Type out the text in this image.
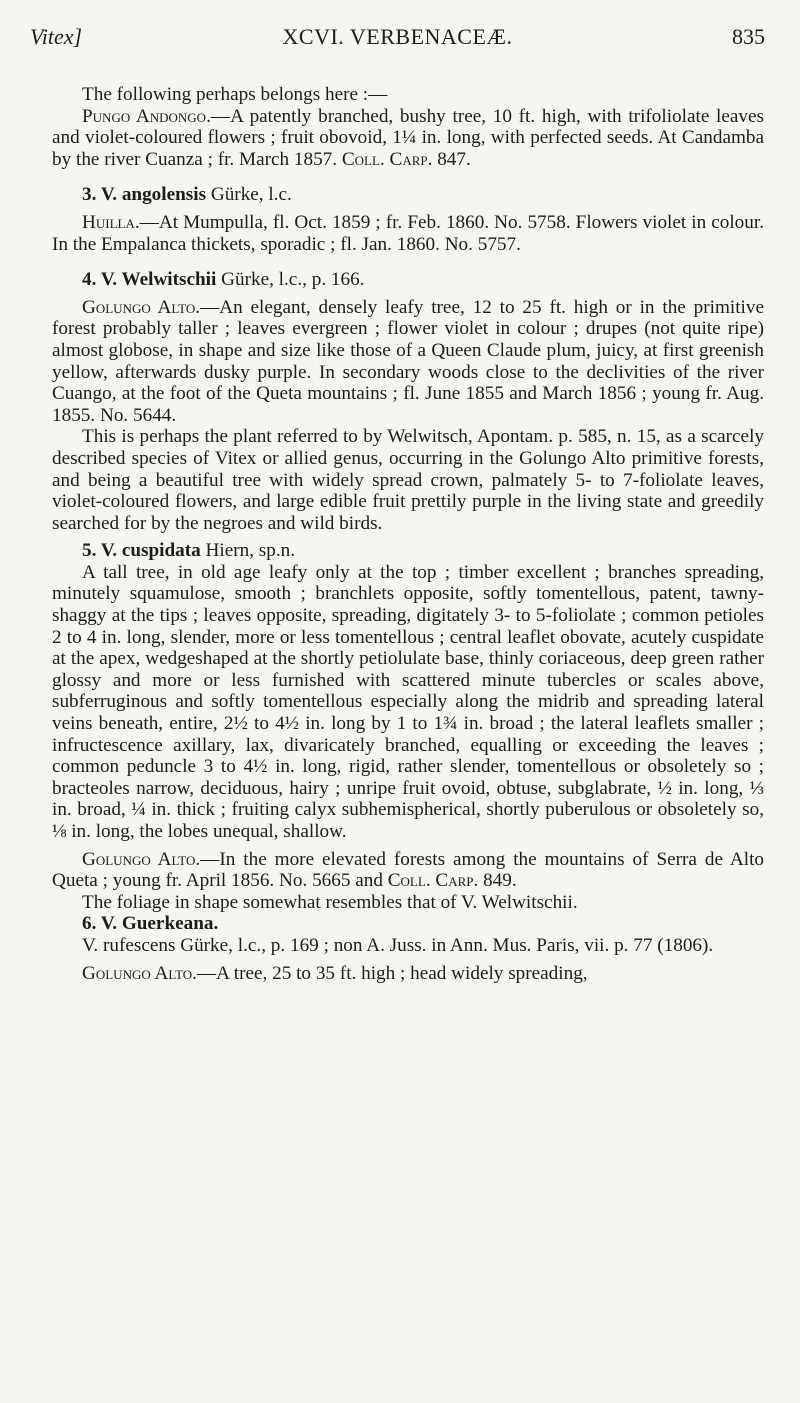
Vitex]	XCVI. VERBENACEÆ.	835

The following perhaps belongs here :—

Pungo Andongo.—A patently branched, bushy tree, 10 ft. high, with trifoliolate leaves and violet-coloured flowers ; fruit obovoid, 1¼ in. long, with perfected seeds. At Candamba by the river Cuanza ; fr. March 1857. Coll. Carp. 847.

3. V. angolensis Gürke, l.c.

Huilla.—At Mumpulla, fl. Oct. 1859 ; fr. Feb. 1860. No. 5758. Flowers violet in colour. In the Empalanca thickets, sporadic ; fl. Jan. 1860. No. 5757.

4. V. Welwitschii Gürke, l.c., p. 166.

Golungo Alto.—An elegant, densely leafy tree, 12 to 25 ft. high or in the primitive forest probably taller ; leaves evergreen ; flower violet in colour ; drupes (not quite ripe) almost globose, in shape and size like those of a Queen Claude plum, juicy, at first greenish yellow, afterwards dusky purple. In secondary woods close to the declivities of the river Cuango, at the foot of the Queta mountains ; fl. June 1855 and March 1856 ; young fr. Aug. 1855. No. 5644.

This is perhaps the plant referred to by Welwitsch, Apontam. p. 585, n. 15, as a scarcely described species of Vitex or allied genus, occurring in the Golungo Alto primitive forests, and being a beautiful tree with widely spread crown, palmately 5- to 7-foliolate leaves, violet-coloured flowers, and large edible fruit prettily purple in the living state and greedily searched for by the negroes and wild birds.

5. V. cuspidata Hiern, sp.n.

A tall tree, in old age leafy only at the top ; timber excellent ; branches spreading, minutely squamulose, smooth ; branchlets opposite, softly tomentellous, patent, tawny-shaggy at the tips ; leaves opposite, spreading, digitately 3- to 5-foliolate ; common petioles 2 to 4 in. long, slender, more or less tomentellous ; central leaflet obovate, acutely cuspidate at the apex, wedgeshaped at the shortly petiolulate base, thinly coriaceous, deep green rather glossy and more or less furnished with scattered minute tubercles or scales above, subferruginous and softly tomentellous especially along the midrib and spreading lateral veins beneath, entire, 2½ to 4½ in. long by 1 to 1¾ in. broad ; the lateral leaflets smaller ; infructescence axillary, lax, divaricately branched, equalling or exceeding the leaves ; common peduncle 3 to 4½ in. long, rigid, rather slender, tomentellous or obsoletely so ; bracteoles narrow, deciduous, hairy ; unripe fruit ovoid, obtuse, subglabrate, ½ in. long, ⅓ in. broad, ¼ in. thick ; fruiting calyx subhemispherical, shortly puberulous or obsoletely so, ⅛ in. long, the lobes unequal, shallow.

Golungo Alto.—In the more elevated forests among the mountains of Serra de Alto Queta ; young fr. April 1856. No. 5665 and Coll. Carp. 849.

The foliage in shape somewhat resembles that of V. Welwitschii.

6. V. Guerkeana.

V. rufescens Gürke, l.c., p. 169 ; non A. Juss. in Ann. Mus. Paris, vii. p. 77 (1806).

Golungo Alto.—A tree, 25 to 35 ft. high ; head widely spreading,
